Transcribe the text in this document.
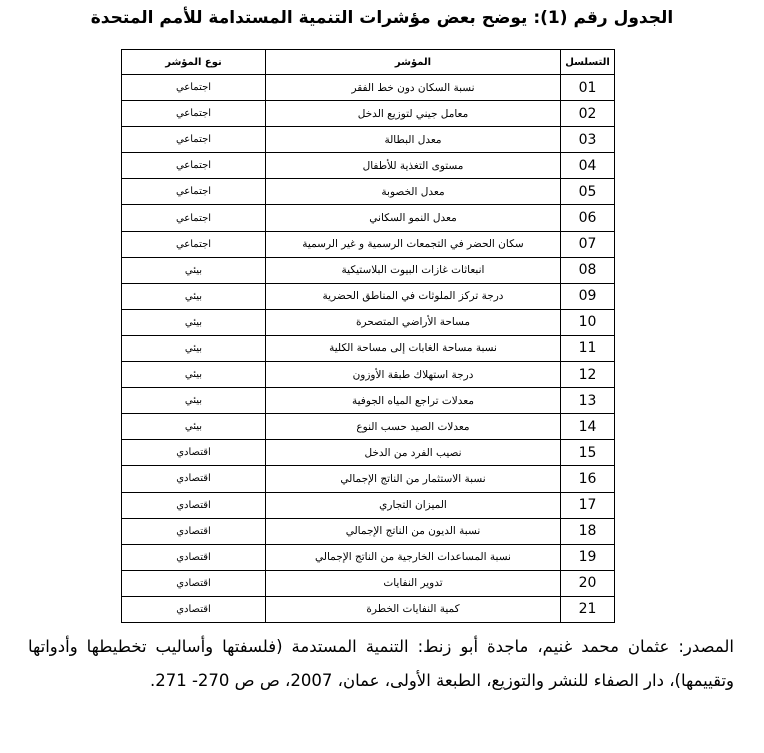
الجدول رقم (1): يوضح بعض مؤشرات التنمية المستدامة للأمم المتحدة
التسلسل	المؤشر	نوع المؤشر
01	نسبة السكان دون خط الفقر	اجتماعي
02	معامل جيني لتوزيع الدخل	اجتماعي
03	معدل البطالة	اجتماعي
04	مستوى التغذية للأطفال	اجتماعي
05	معدل الخصوبة	اجتماعي
06	معدل النمو السكاني	اجتماعي
07	سكان الحضر في التجمعات الرسمية و غير الرسمية	اجتماعي
08	انبعاثات غازات البيوت البلاستيكية	بيئي
09	درجة تركز الملوثات في المناطق الحضرية	بيئي
10	مساحة الأراضي المتصحرة	بيئي
11	نسبة مساحة الغابات إلى مساحة الكلية	بيئي
12	درجة استهلاك طبقة الأوزون	بيئي
13	معدلات تراجع المياه الجوفية	بيئي
14	معدلات الصيد حسب النوع	بيئي
15	نصيب الفرد من الدخل	اقتصادي
16	نسبة الاستثمار من الناتج الإجمالي	اقتصادي
17	الميزان التجاري	اقتصادي
18	نسبة الديون من الناتج الإجمالي	اقتصادي
19	نسبة المساعدات الخارجية من الناتج الإجمالي	اقتصادي
20	تدوير النفايات	اقتصادي
21	كمية النفايات الخطرة	اقتصادي
المصدر: عثمان محمد غنيم، ماجدة أبو زنط: التنمية المستدمة (فلسفتها وأساليب تخطيطها وأدواتها وتقييمها)، دار الصفاء للنشر والتوزيع، الطبعة الأولى، عمان، 2007، ص ص 270- 271.
